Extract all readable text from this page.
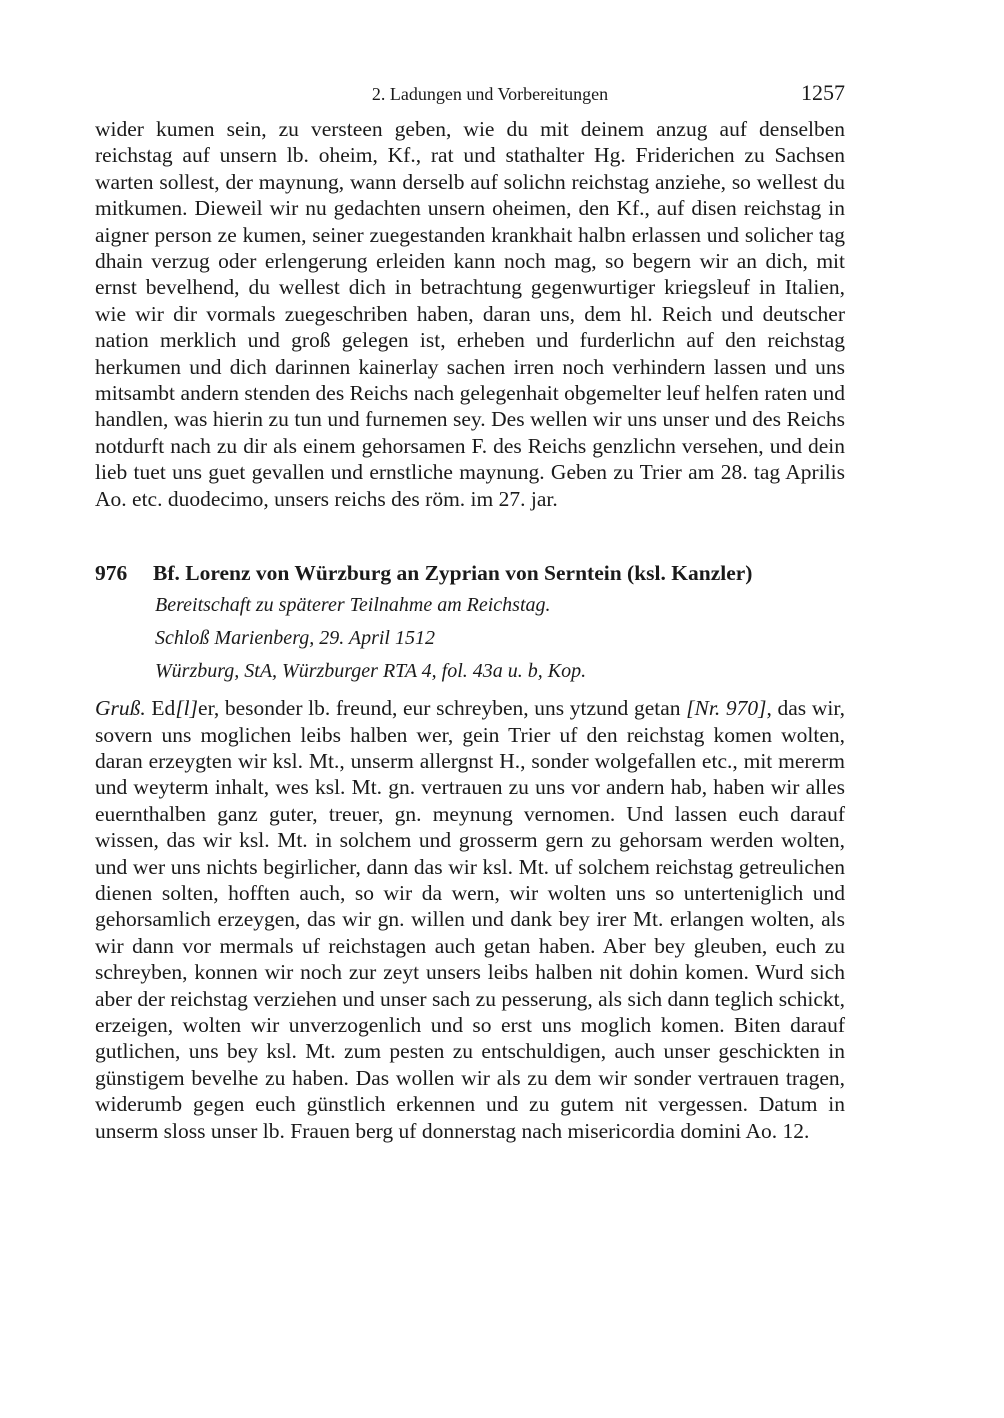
2. Ladungen und Vorbereitungen	1257

wider kumen sein, zu versteen geben, wie du mit deinem anzug auf denselben reichstag auf unsern lb. oheim, Kf., rat und stathalter Hg. Friderichen zu Sachsen warten sollest, der maynung, wann derselb auf solichn reichstag anziehe, so wellest du mitkumen. Dieweil wir nu gedachten unsern oheimen, den Kf., auf disen reichstag in aigner person ze kumen, seiner zuegestanden krankhait halbn erlassen und solicher tag dhain verzug oder erlengerung erleiden kann noch mag, so begern wir an dich, mit ernst bevelhend, du wellest dich in betrachtung gegenwurtiger kriegsleuf in Italien, wie wir dir vormals zuegeschriben haben, daran uns, dem hl. Reich und deutscher nation merklich und groß gelegen ist, erheben und furderlichn auf den reichstag herkumen und dich darinnen kainerlay sachen irren noch verhindern lassen und uns mitsambt andern stenden des Reichs nach gelegenhait obgemelter leuf helfen raten und handlen, was hierin zu tun und furnemen sey. Des wellen wir uns unser und des Reichs notdurft nach zu dir als einem gehorsamen F. des Reichs genzlichn versehen, und dein lieb tuet uns guet gevallen und ernstliche maynung. Geben zu Trier am 28. tag Aprilis Ao. etc. duodecimo, unsers reichs des röm. im 27. jar.

976 Bf. Lorenz von Würzburg an Zyprian von Serntein (ksl. Kanzler)
Bereitschaft zu späterer Teilnahme am Reichstag.
Schloß Marienberg, 29. April 1512
Würzburg, StA, Würzburger RTA 4, fol. 43a u. b, Kop.

Gruß. Ed[l]er, besonder lb. freund, eur schreyben, uns ytzund getan [Nr. 970], das wir, sovern uns moglichen leibs halben wer, gein Trier uf den reichstag komen wolten, daran erzeygten wir ksl. Mt., unserm allergnst H., sonder wolgefallen etc., mit mererm und weyterm inhalt, wes ksl. Mt. gn. vertrauen zu uns vor andern hab, haben wir alles euernthalben ganz guter, treuer, gn. meynung vernomen. Und lassen euch darauf wissen, das wir ksl. Mt. in solchem und grosserm gern zu gehorsam werden wolten, und wer uns nichts begirlicher, dann das wir ksl. Mt. uf solchem reichstag getreulichen dienen solten, hofften auch, so wir da wern, wir wolten uns so unterteniglich und gehorsamlich erzeygen, das wir gn. willen und dank bey irer Mt. erlangen wolten, als wir dann vor mermals uf reichstagen auch getan haben. Aber bey gleuben, euch zu schreyben, konnen wir noch zur zeyt unsers leibs halben nit dohin komen. Wurd sich aber der reichstag verziehen und unser sach zu pesserung, als sich dann teglich schickt, erzeigen, wolten wir unverzogenlich und so erst uns moglich komen. Biten darauf gutlichen, uns bey ksl. Mt. zum pesten zu entschuldigen, auch unser geschickten in günstigem bevelhe zu haben. Das wollen wir als zu dem wir sonder vertrauen tragen, widerumb gegen euch günstlich erkennen und zu gutem nit vergessen. Datum in unserm sloss unser lb. Frauen berg uf donnerstag nach misericordia domini Ao. 12.
